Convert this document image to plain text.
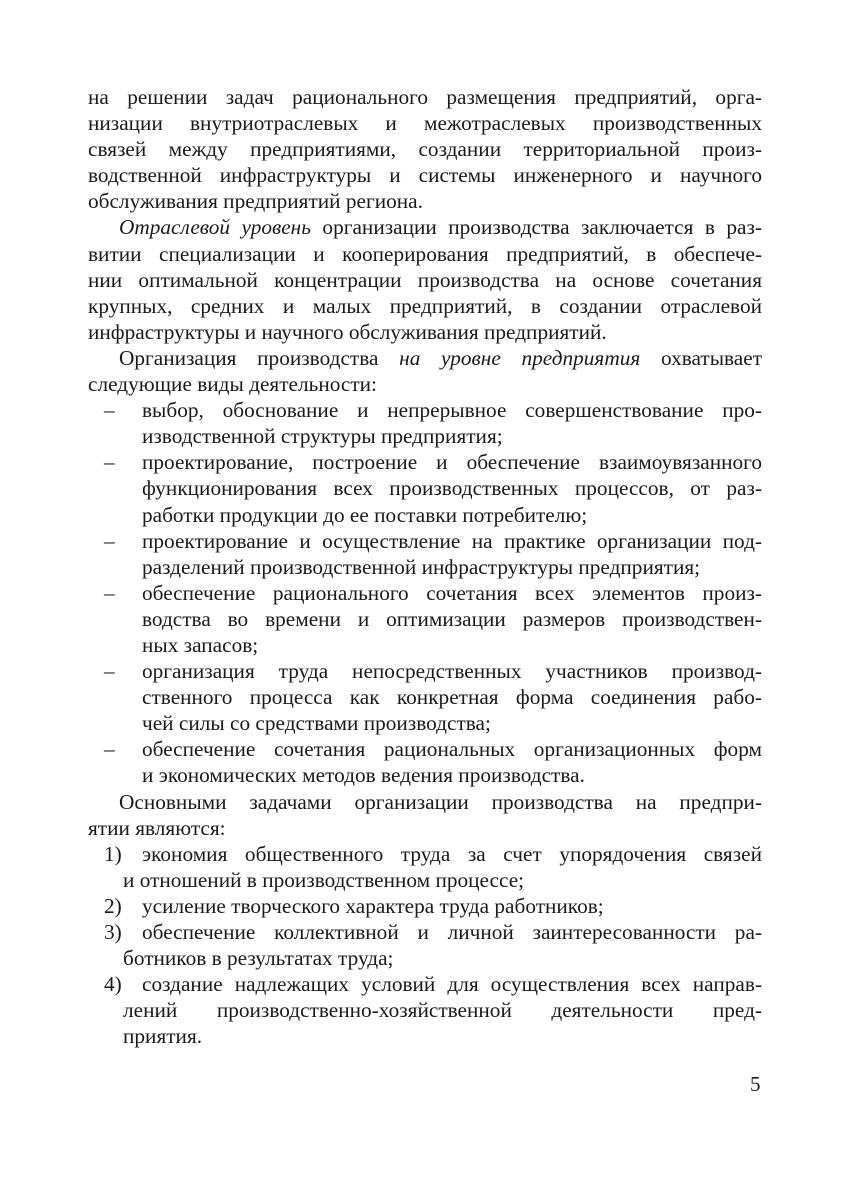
на решении задач рационального размещения предприятий, орга-
низации внутриотраслевых и межотраслевых производственных
связей между предприятиями, создании территориальной произ-
водственной инфраструктуры и системы инженерного и научного
обслуживания предприятий региона.
Отраслевой уровень организации производства заключается в раз-
витии специализации и кооперирования предприятий, в обеспече-
нии оптимальной концентрации производства на основе сочетания
крупных, средних и малых предприятий, в создании отраслевой
инфраструктуры и научного обслуживания предприятий.
Организация производства на уровне предприятия охватывает
следующие виды деятельности:
– выбор, обоснование и непрерывное совершенствование про-
изводственной структуры предприятия;
– проектирование, построение и обеспечение взаимоувязанного
функционирования всех производственных процессов, от раз-
работки продукции до ее поставки потребителю;
– проектирование и осуществление на практике организации под-
разделений производственной инфраструктуры предприятия;
– обеспечение рационального сочетания всех элементов произ-
водства во времени и оптимизации размеров производствен-
ных запасов;
– организация труда непосредственных участников производ-
ственного процесса как конкретная форма соединения рабо-
чей силы со средствами производства;
– обеспечение сочетания рациональных организационных форм
и экономических методов ведения производства.
Основными задачами организации производства на предпри-
ятии являются:
1) экономия общественного труда за счет упорядочения связей
и отношений в производственном процессе;
2) усиление творческого характера труда работников;
3) обеспечение коллективной и личной заинтересованности ра-
ботников в результатах труда;
4) создание надлежащих условий для осуществления всех направ-
лений производственно-хозяйственной деятельности пред-
приятия.
5
